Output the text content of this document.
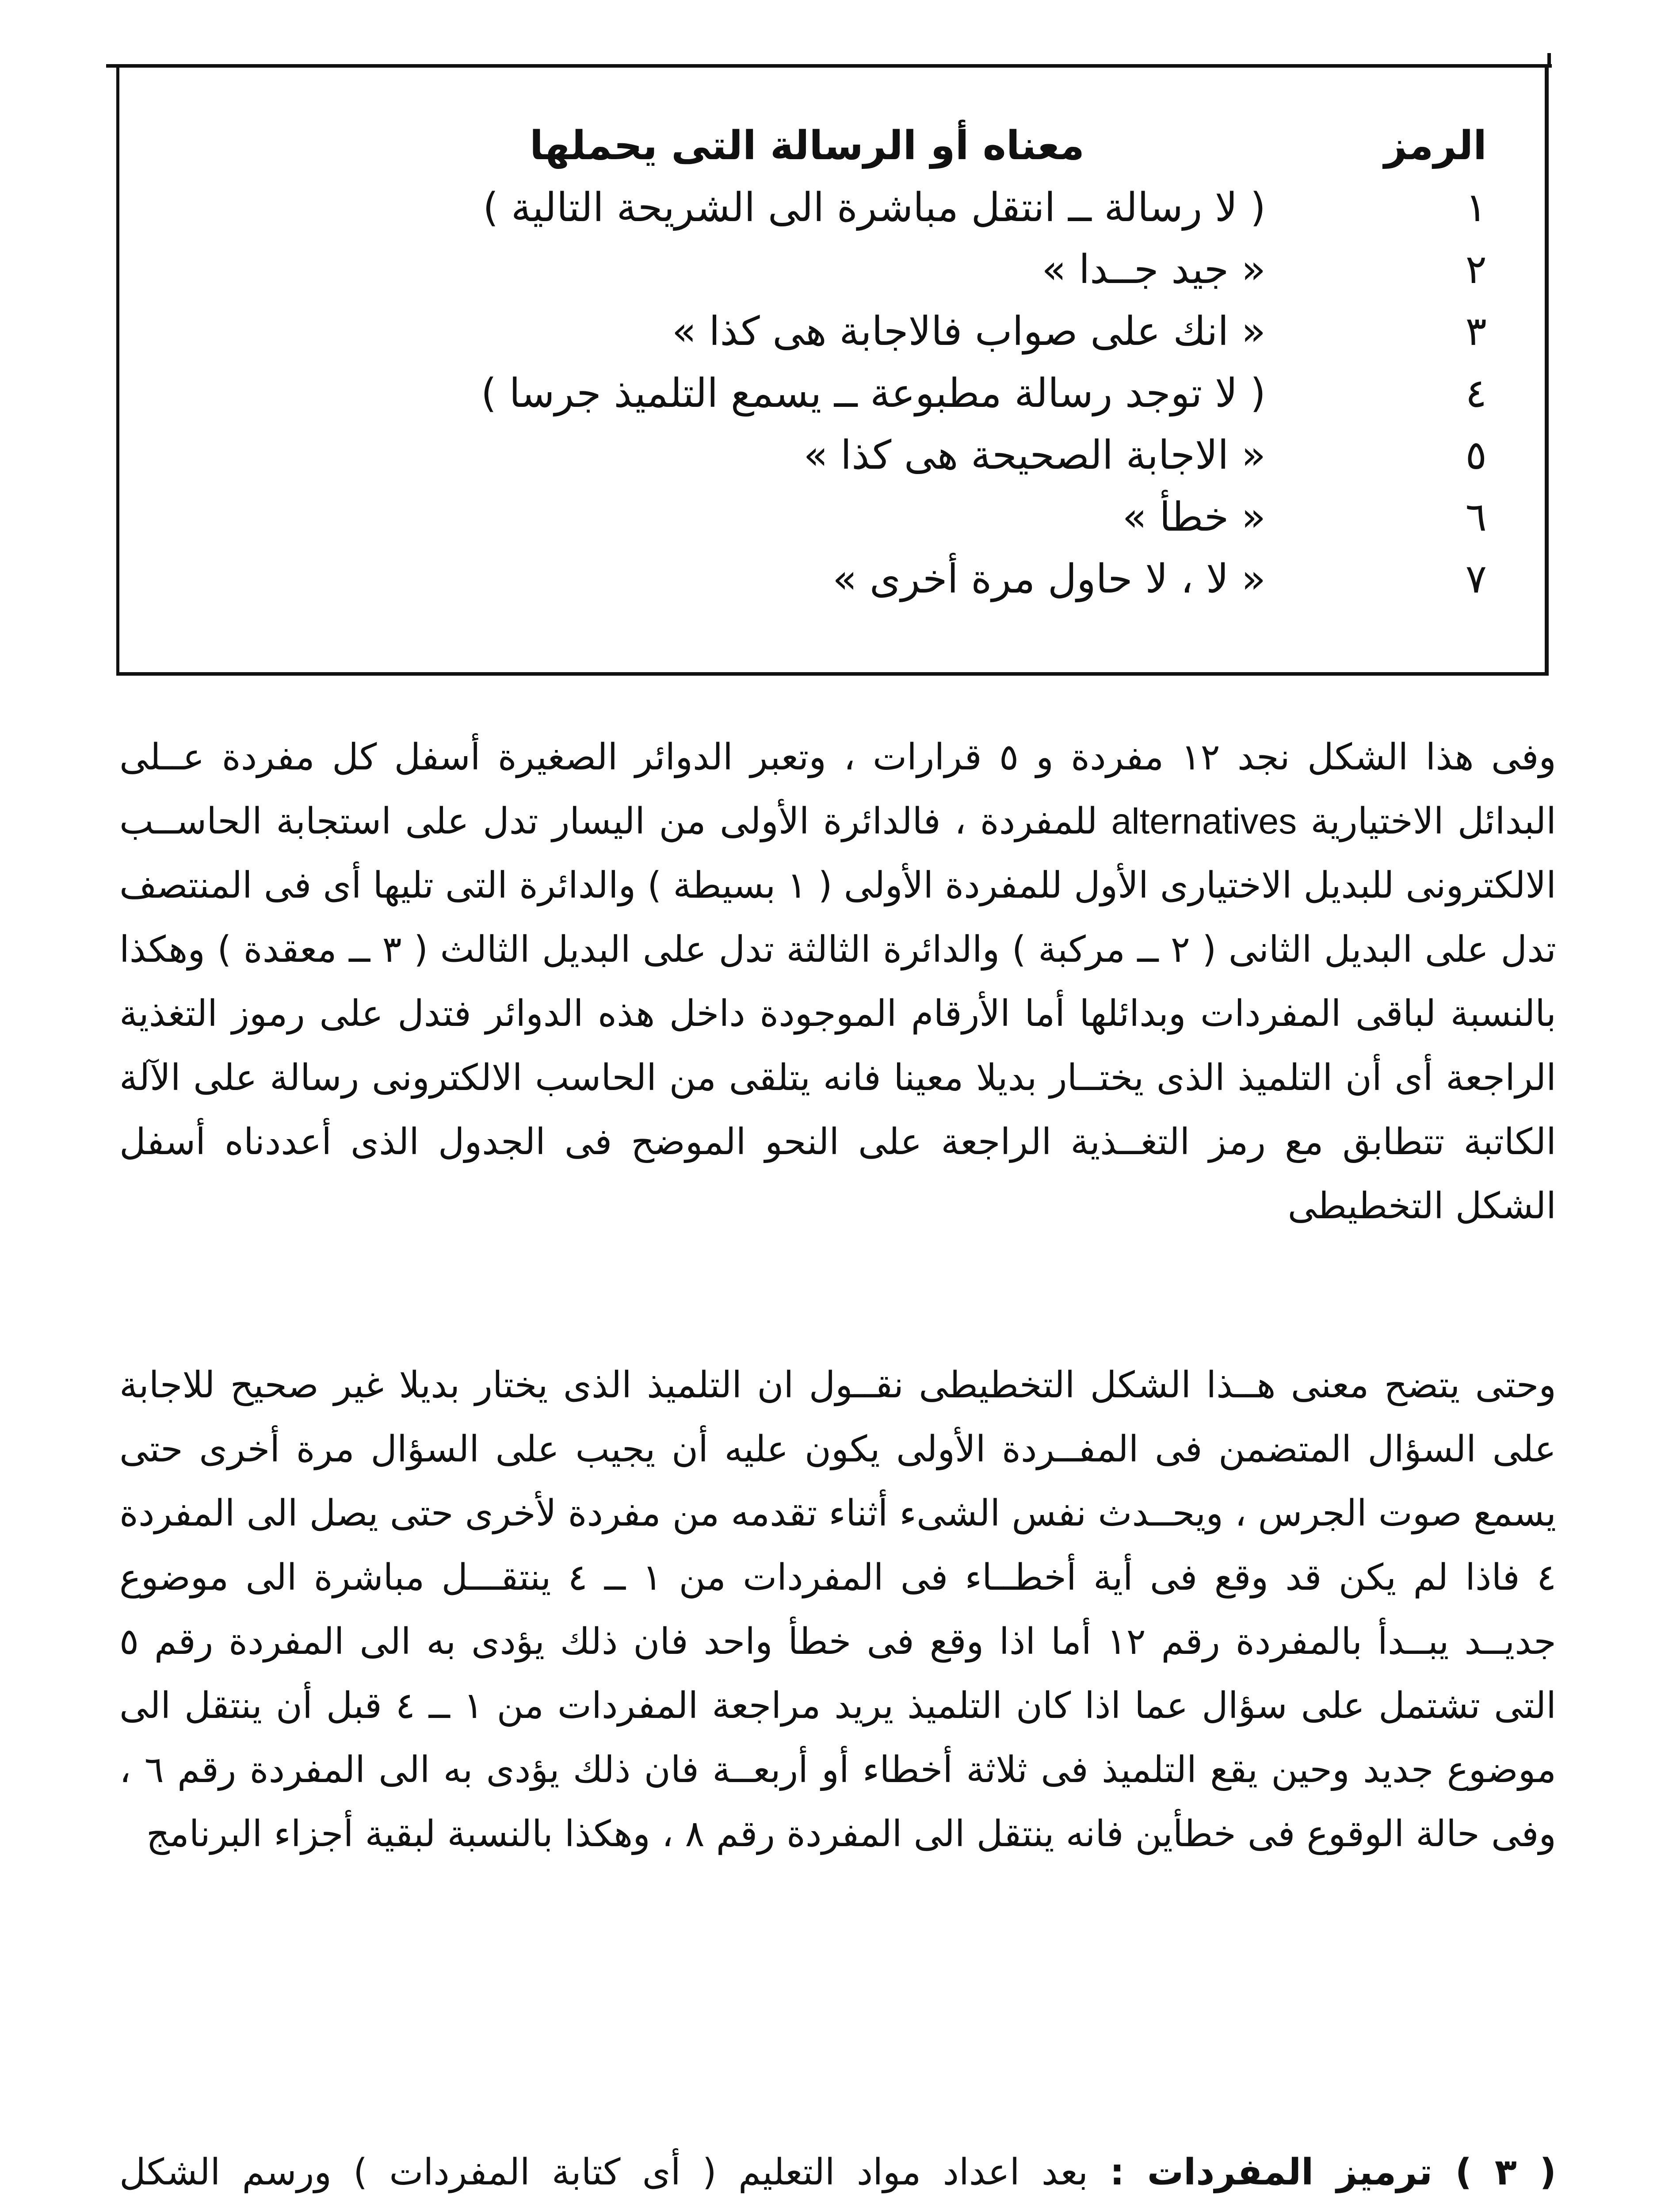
الرمز
معناه أو الرسالة التى يحملها
١
( لا رسالة ــ انتقل مباشرة الى الشريحة التالية )
٢
« جيد جــدا »
٣
« انك على صواب فالاجابة هى كذا »
٤
( لا توجد رسالة مطبوعة ــ يسمع التلميذ جرسا )
٥
« الاجابة الصحيحة هى كذا »
٦
« خطأ »
٧
« لا ، لا حاول مرة أخرى »

وفى هذا الشكل نجد ١٢ مفردة و ٥ قرارات ، وتعبر الدوائر الصغيرة أسفل كل مفردة عــلى البدائل الاختيارية alternatives للمفردة ، فالدائرة الأولى من اليسار تدل على استجابة الحاســب الالكترونى للبديل الاختيارى الأول للمفردة الأولى ( ١ بسيطة ) والدائرة التى تليها أى فى المنتصف تدل على البديل الثانى ( ٢ ــ مركبة ) والدائرة الثالثة تدل على البديل الثالث ( ٣ ــ معقدة ) وهكذا بالنسبة لباقى المفردات وبدائلها أما الأرقام الموجودة داخل هذه الدوائر فتدل على رموز التغذية الراجعة أى أن التلميذ الذى يختــار بديلا معينا فانه يتلقى من الحاسب الالكترونى رسالة على الآلة الكاتبة تتطابق مع رمز التغــذية الراجعة على النحو الموضح فى الجدول الذى أعددناه أسفل الشكل التخطيطى

وحتى يتضح معنى هــذا الشكل التخطيطى نقــول ان التلميذ الذى يختار بديلا غير صحيح للاجابة على السؤال المتضمن فى المفــردة الأولى يكون عليه أن يجيب على السؤال مرة أخرى حتى يسمع صوت الجرس ، ويحــدث نفس الشىء أثناء تقدمه من مفردة لأخرى حتى يصل الى المفردة ٤ فاذا لم يكن قد وقع فى أية أخطــاء فى المفردات من ١ ــ ٤ ينتقـــل مباشرة الى موضوع جديــد يبــدأ بالمفردة رقم ١٢ أما اذا وقع فى خطأ واحد فان ذلك يؤدى به الى المفردة رقم ٥ التى تشتمل على سؤال عما اذا كان التلميذ يريد مراجعة المفردات من ١ ــ ٤ قبل أن ينتقل الى موضوع جديد وحين يقع التلميذ فى ثلاثة أخطاء أو أربعــة فان ذلك يؤدى به الى المفردة رقم ٦ ، وفى حالة الوقوع فى خطأين فانه ينتقل الى المفردة رقم ٨ ، وهكذا بالنسبة لبقية أجزاء البرنامج

( ٣ ) ترميز المفردات : بعد اعداد مواد التعليم ( أى كتابة المفردات ) ورسم الشكل
